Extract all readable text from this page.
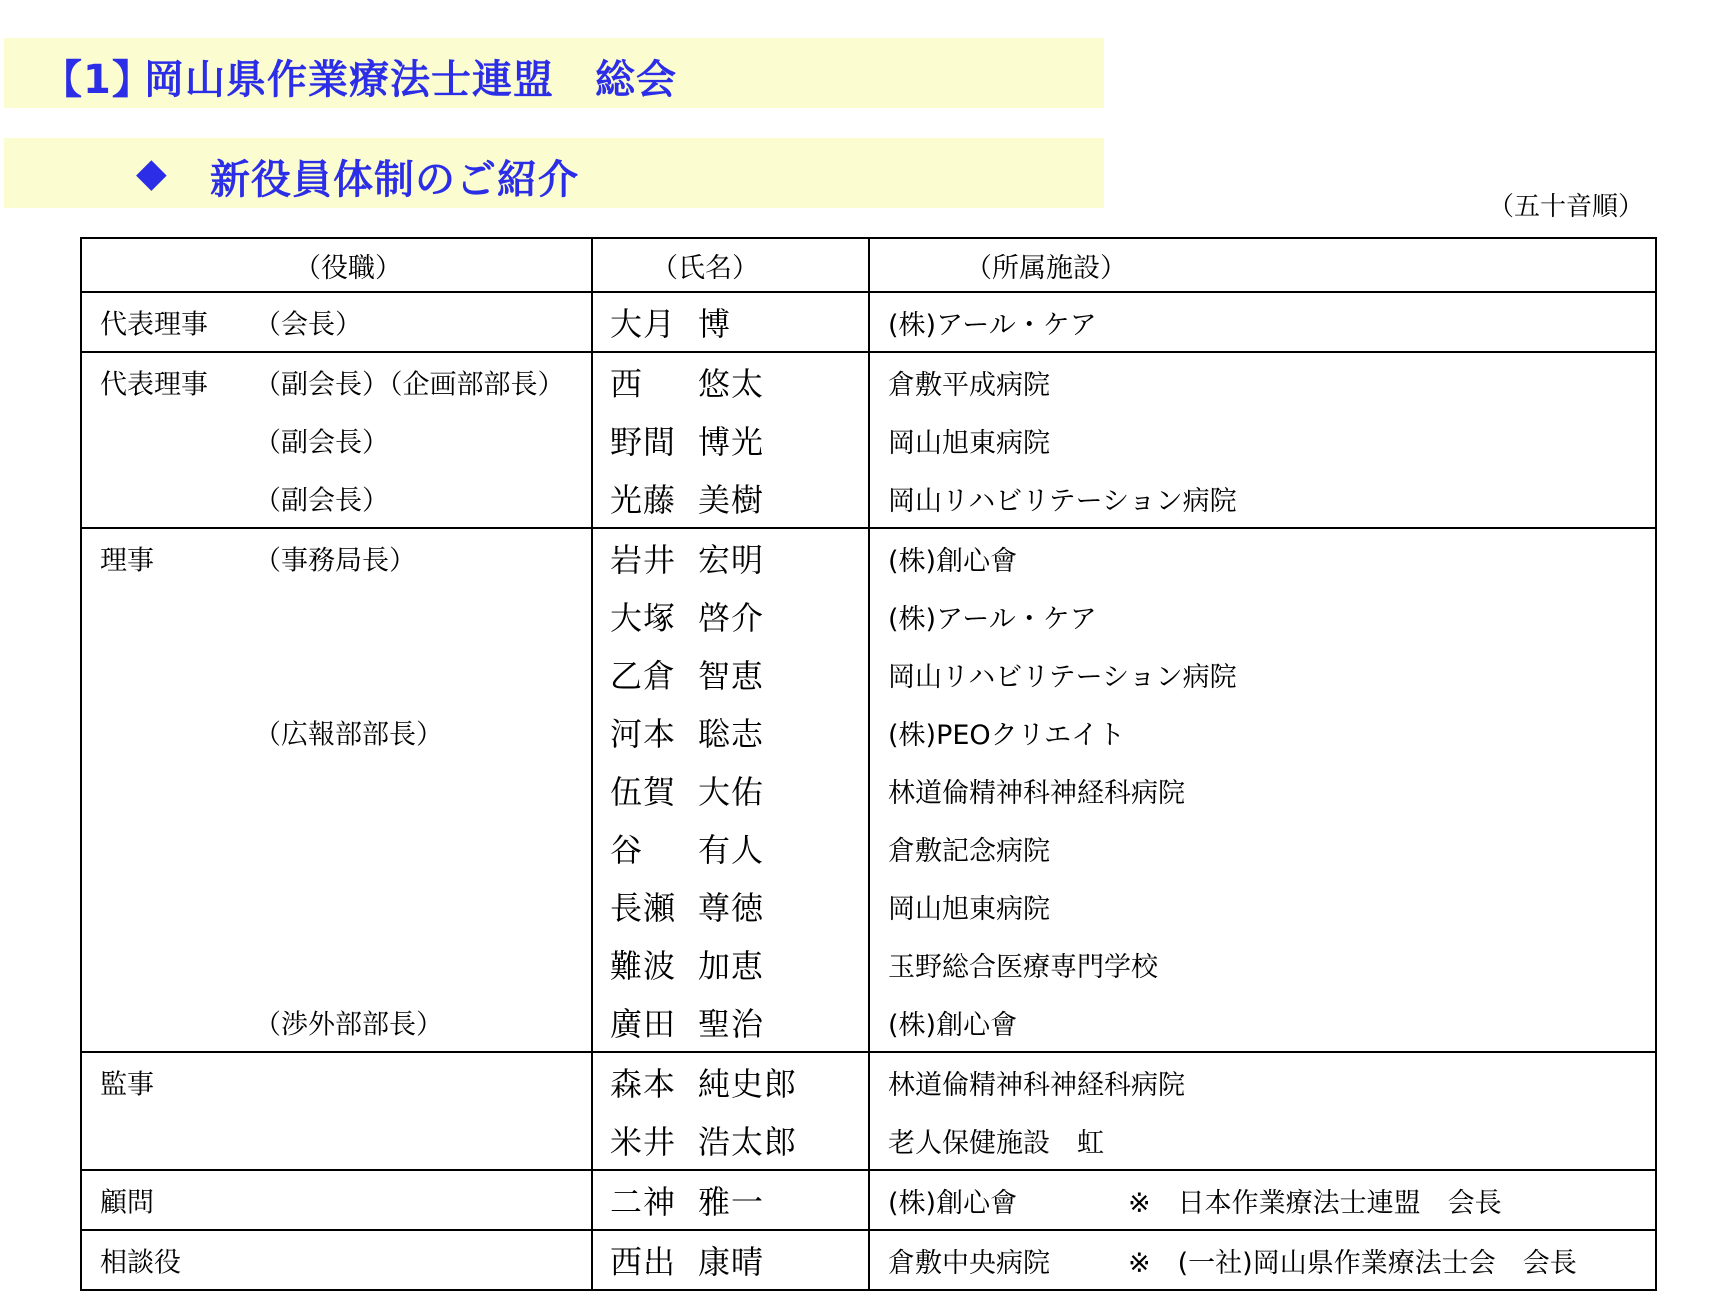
【1】
岡山県作業療法士連盟　総会
◆ 新役員体制のご紹介
（五十音順）
（役職）	（氏名）	（所属施設）

代表理事 （会長）	大月 博	(株)アール・ケア

代表理事 （副会長）（企画部部長）	西 悠太	倉敷平成病院

（副会長）	野間 博光	岡山旭東病院

（副会長）	光藤 美樹	岡山リハビリテーション病院

理事 （事務局長）	岩井 宏明	(株)創心會

	大塚 啓介	(株)アール・ケア

	乙倉 智恵	岡山リハビリテーション病院

（広報部部長）	河本 聡志	(株)PEOクリエイト

	伍賀 大佑	林道倫精神科神経科病院

	谷 有人	倉敷記念病院

	長瀬 尊徳	岡山旭東病院

	難波 加恵	玉野総合医療専門学校

（渉外部部長）	廣田 聖治	(株)創心會

監事	森本 純史郎	林道倫精神科神経科病院

	米井 浩太郎	老人保健施設　虹

顧問	二神 雅一	(株)創心會 ※　日本作業療法士連盟　会長

相談役	西出 康晴	倉敷中央病院 ※　(一社)岡山県作業療法士会　会長
